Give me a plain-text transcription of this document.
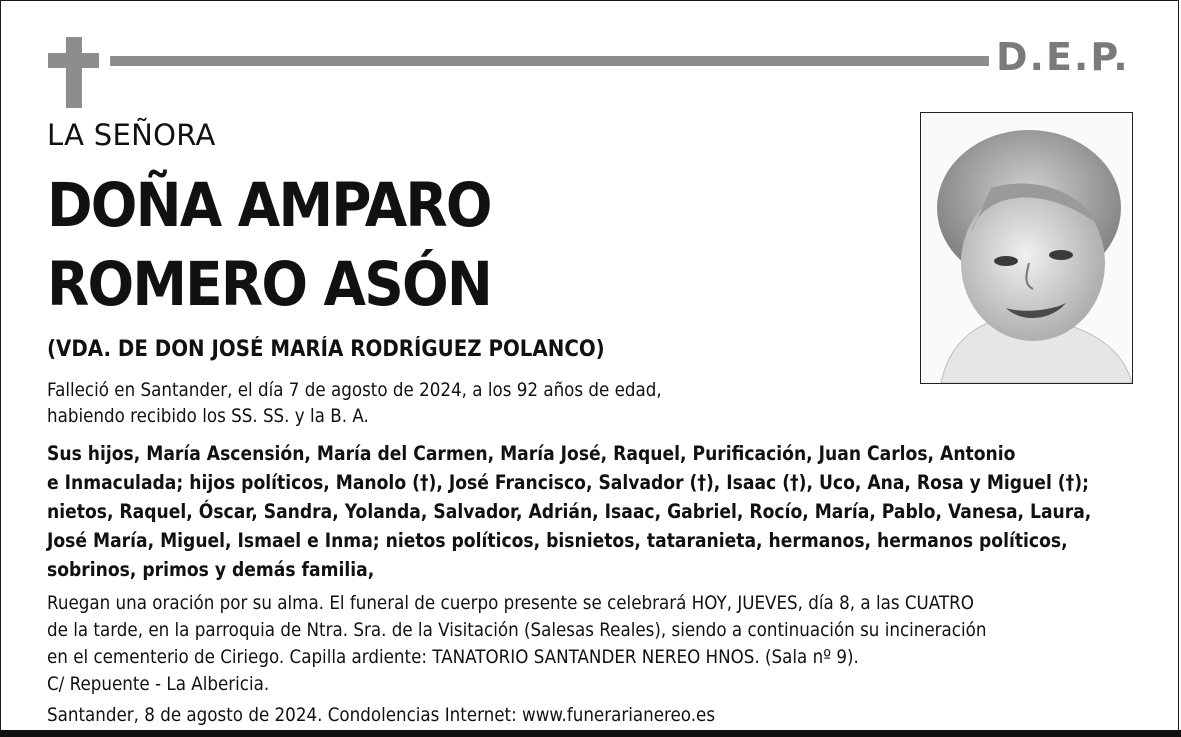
D.E.P.
LA SEÑORA
DOÑA AMPARO
ROMERO ASÓN
(VDA. DE DON JOSÉ MARÍA RODRÍGUEZ POLANCO)
Falleció en Santander, el día 7 de agosto de 2024, a los 92 años de edad,
habiendo recibido los SS. SS. y la B. A.
Sus hijos, María Ascensión, María del Carmen, María José, Raquel, Purificación, Juan Carlos, Antonio
e Inmaculada; hijos políticos, Manolo (†), José Francisco, Salvador (†), Isaac (†), Uco, Ana, Rosa y Miguel (†);
nietos, Raquel, Óscar, Sandra, Yolanda, Salvador, Adrián, Isaac, Gabriel, Rocío, María, Pablo, Vanesa, Laura,
José María, Miguel, Ismael e Inma; nietos políticos, bisnietos, tataranieta, hermanos, hermanos políticos,
sobrinos, primos y demás familia,
Ruegan una oración por su alma. El funeral de cuerpo presente se celebrará HOY, JUEVES, día 8, a las CUATRO
de la tarde, en la parroquia de Ntra. Sra. de la Visitación (Salesas Reales), siendo a continuación su incineración
en el cementerio de Ciriego. Capilla ardiente: TANATORIO SANTANDER NEREO HNOS. (Sala nº 9).
C/ Repuente - La Albericia.
Santander, 8 de agosto de 2024. Condolencias Internet: www.funerarianereo.es
